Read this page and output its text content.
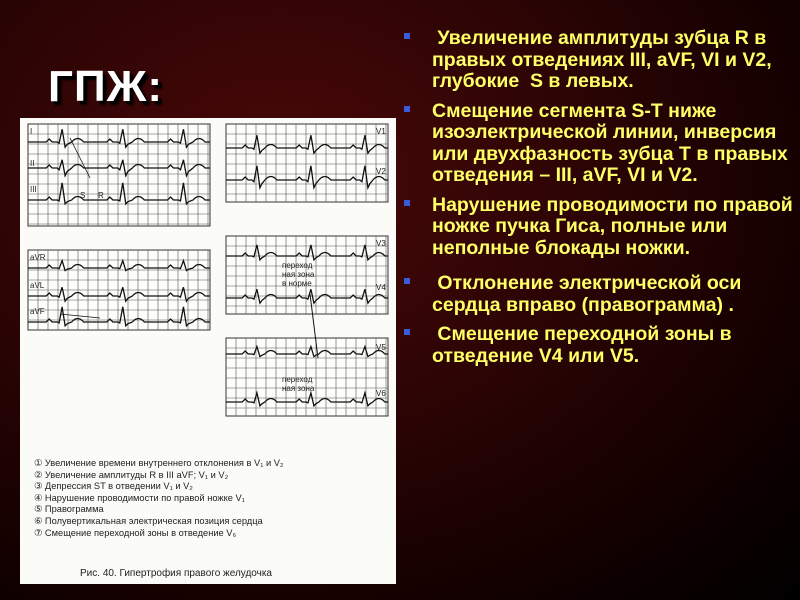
ГПЖ:
I
II
III
S R
aVR
aVL
aVF
V1
V2
V3
V4
переход
ная зона
в норме
V5
V6
переход
ная зона
① Увеличение времени внутреннего отклонения в V₁ и V₂
② Увеличение амплитуды R в III aVF; V₁ и V₂
③ Депрессия ST в отведении V₁ и V₂
④ Нарушение проводимости по правой ножке V₁
⑤ Правограмма
⑥ Полувертикальная электрическая позиция сердца
⑦ Смещение переходной зоны в отведение V₆
Рис. 40. Гипертрофия правого желудочка
Увеличение амплитуды зубца R в правых отведениях III, aVF, VI и V2, глубокие  S в левых.
Смещение сегмента S-T ниже изоэлектрической линии, инверсия или двухфазность зубца Т в правых отведения – III, aVF, VI и V2.
Нарушение проводимости по правой ножке пучка Гиса, полные или неполные блокады ножки.
Отклонение электрической оси сердца вправо (правограмма) .
Смещение переходной зоны в отведение V4 или V5.
